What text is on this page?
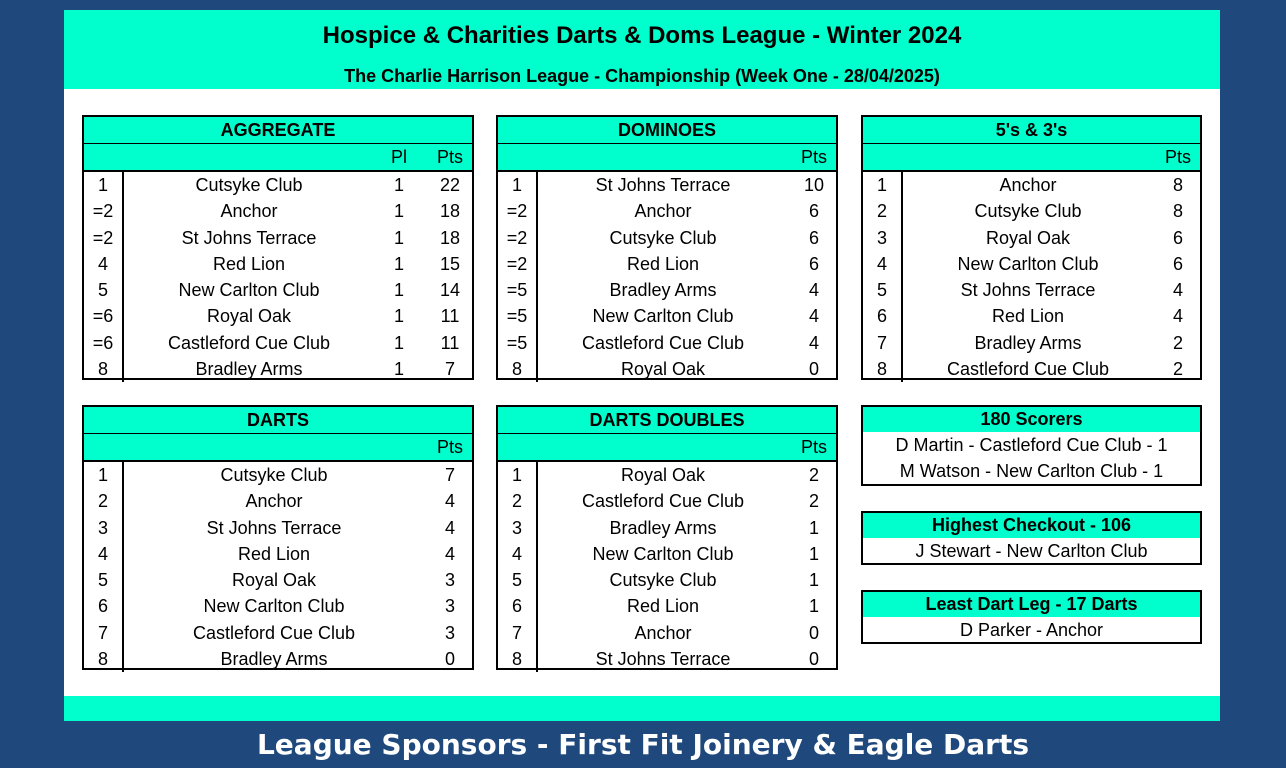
Hospice & Charities Darts & Doms League - Winter 2024
The Charlie Harrison League - Championship (Week One - 28/04/2025)
AGGREGATE
Pl	Pts
1	Cutsyke Club	1	22
=2	Anchor	1	18
=2	St Johns Terrace	1	18
4	Red Lion	1	15
5	New Carlton Club	1	14
=6	Royal Oak	1	11
=6	Castleford Cue Club	1	11
8	Bradley Arms	1	7
DOMINOES
Pts
1	St Johns Terrace	10
=2	Anchor	6
=2	Cutsyke Club	6
=2	Red Lion	6
=5	Bradley Arms	4
=5	New Carlton Club	4
=5	Castleford Cue Club	4
8	Royal Oak	0
5's & 3's
Pts
1	Anchor	8
2	Cutsyke Club	8
3	Royal Oak	6
4	New Carlton Club	6
5	St Johns Terrace	4
6	Red Lion	4
7	Bradley Arms	2
8	Castleford Cue Club	2
DARTS
Pts
1	Cutsyke Club	7
2	Anchor	4
3	St Johns Terrace	4
4	Red Lion	4
5	Royal Oak	3
6	New Carlton Club	3
7	Castleford Cue Club	3
8	Bradley Arms	0
DARTS DOUBLES
Pts
1	Royal Oak	2
2	Castleford Cue Club	2
3	Bradley Arms	1
4	New Carlton Club	1
5	Cutsyke Club	1
6	Red Lion	1
7	Anchor	0
8	St Johns Terrace	0
180 Scorers
D Martin - Castleford Cue Club - 1
M Watson - New Carlton Club - 1
Highest Checkout - 106
J Stewart - New Carlton Club
Least Dart Leg - 17 Darts
D Parker - Anchor
League Sponsors - First Fit Joinery & Eagle Darts
